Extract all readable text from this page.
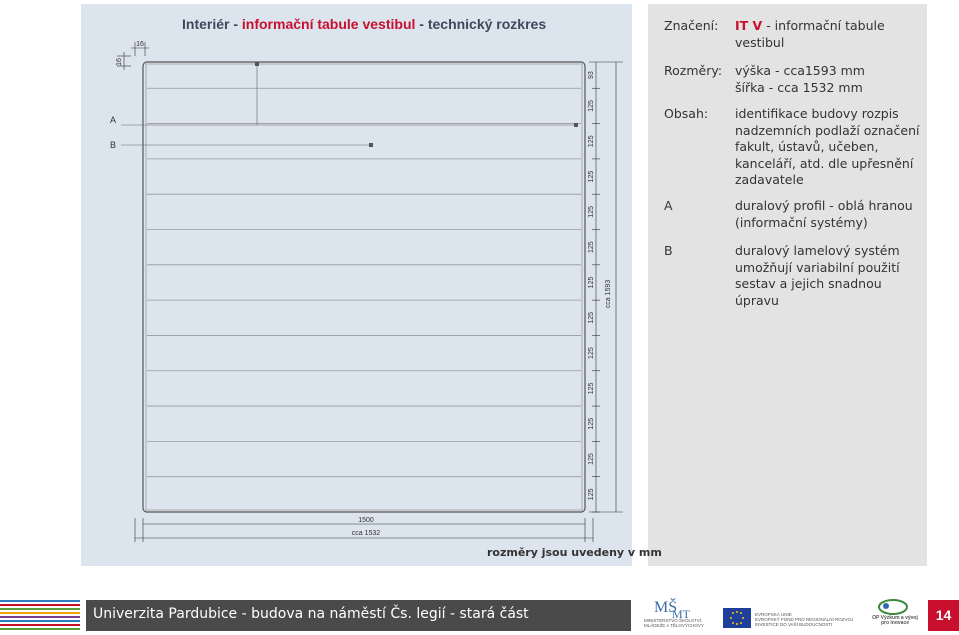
Interiér - informační tabule vestibul - technický rozkres
93
125
125
125
125
125
125
125
125
125
125
125
125
cca 1593
1500
cca 1532
16
16
A
B
rozměry jsou uvedeny v mm
Značení: IT V - informační tabule vestibul
Rozměry: výška - cca1593 mm
šířka - cca 1532 mm
Obsah: identifikace budovy rozpis nadzemních podlaží označení fakult, ústavů, učeben, kanceláří, atd. dle upřesnění zadavatele
A	duralový profil - oblá hranou (informační systémy)
B	duralový lamelový systém umožňují variabilní použití sestav a jejich snadnou úpravu
Univerzita Pardubice - budova na náměstí Čs. legií - stará část	MŠ
MT
MINISTERSTVO ŠKOLSTVÍ,
MLÁDEŽE A TĚLOVÝCHOVY
EVROPSKÁ UNIE
EVROPSKÝ FOND PRO REGIONÁLNÍ ROZVOJ
INVESTICE DO VAŠÍ BUDOUCNOSTI
OP Výzkum a vývoj
pro inovace	14
